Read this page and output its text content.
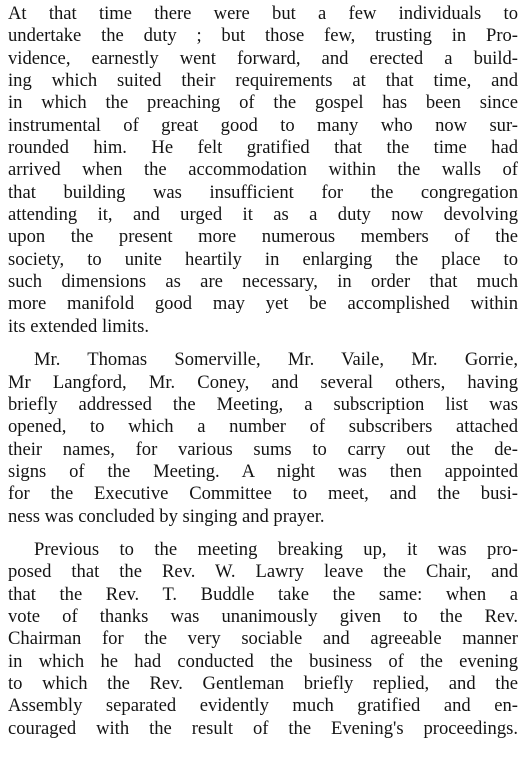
At that time there were but a few individuals to
undertake the duty ; but those few, trusting in Pro-
vidence, earnestly went forward, and erected a build-
ing which suited their requirements at that time, and
in which the preaching of the gospel has been since
instrumental of great good to many who now sur-
rounded him. He felt gratified that the time had
arrived when the accommodation within the walls of
that building was insufficient for the congregation
attending it, and urged it as a duty now devolving
upon the present more numerous members of the
society, to unite heartily in enlarging the place to
such dimensions as are necessary, in order that much
more manifold good may yet be accomplished within
its extended limits.
Mr. Thomas Somerville, Mr. Vaile, Mr. Gorrie,
Mr Langford, Mr. Coney, and several others, having
briefly addressed the Meeting, a subscription list was
opened, to which a number of subscribers attached
their names, for various sums to carry out the de-
signs of the Meeting. A night was then appointed
for the Executive Committee to meet, and the busi-
ness was concluded by singing and prayer.
Previous to the meeting breaking up, it was pro-
posed that the Rev. W. Lawry leave the Chair, and
that the Rev. T. Buddle take the same: when a
vote of thanks was unanimously given to the Rev.
Chairman for the very sociable and agreeable manner
in which he had conducted the business of the evening
to which the Rev. Gentleman briefly replied, and the
Assembly separated evidently much gratified and en-
couraged with the result of the Evening's proceedings.
